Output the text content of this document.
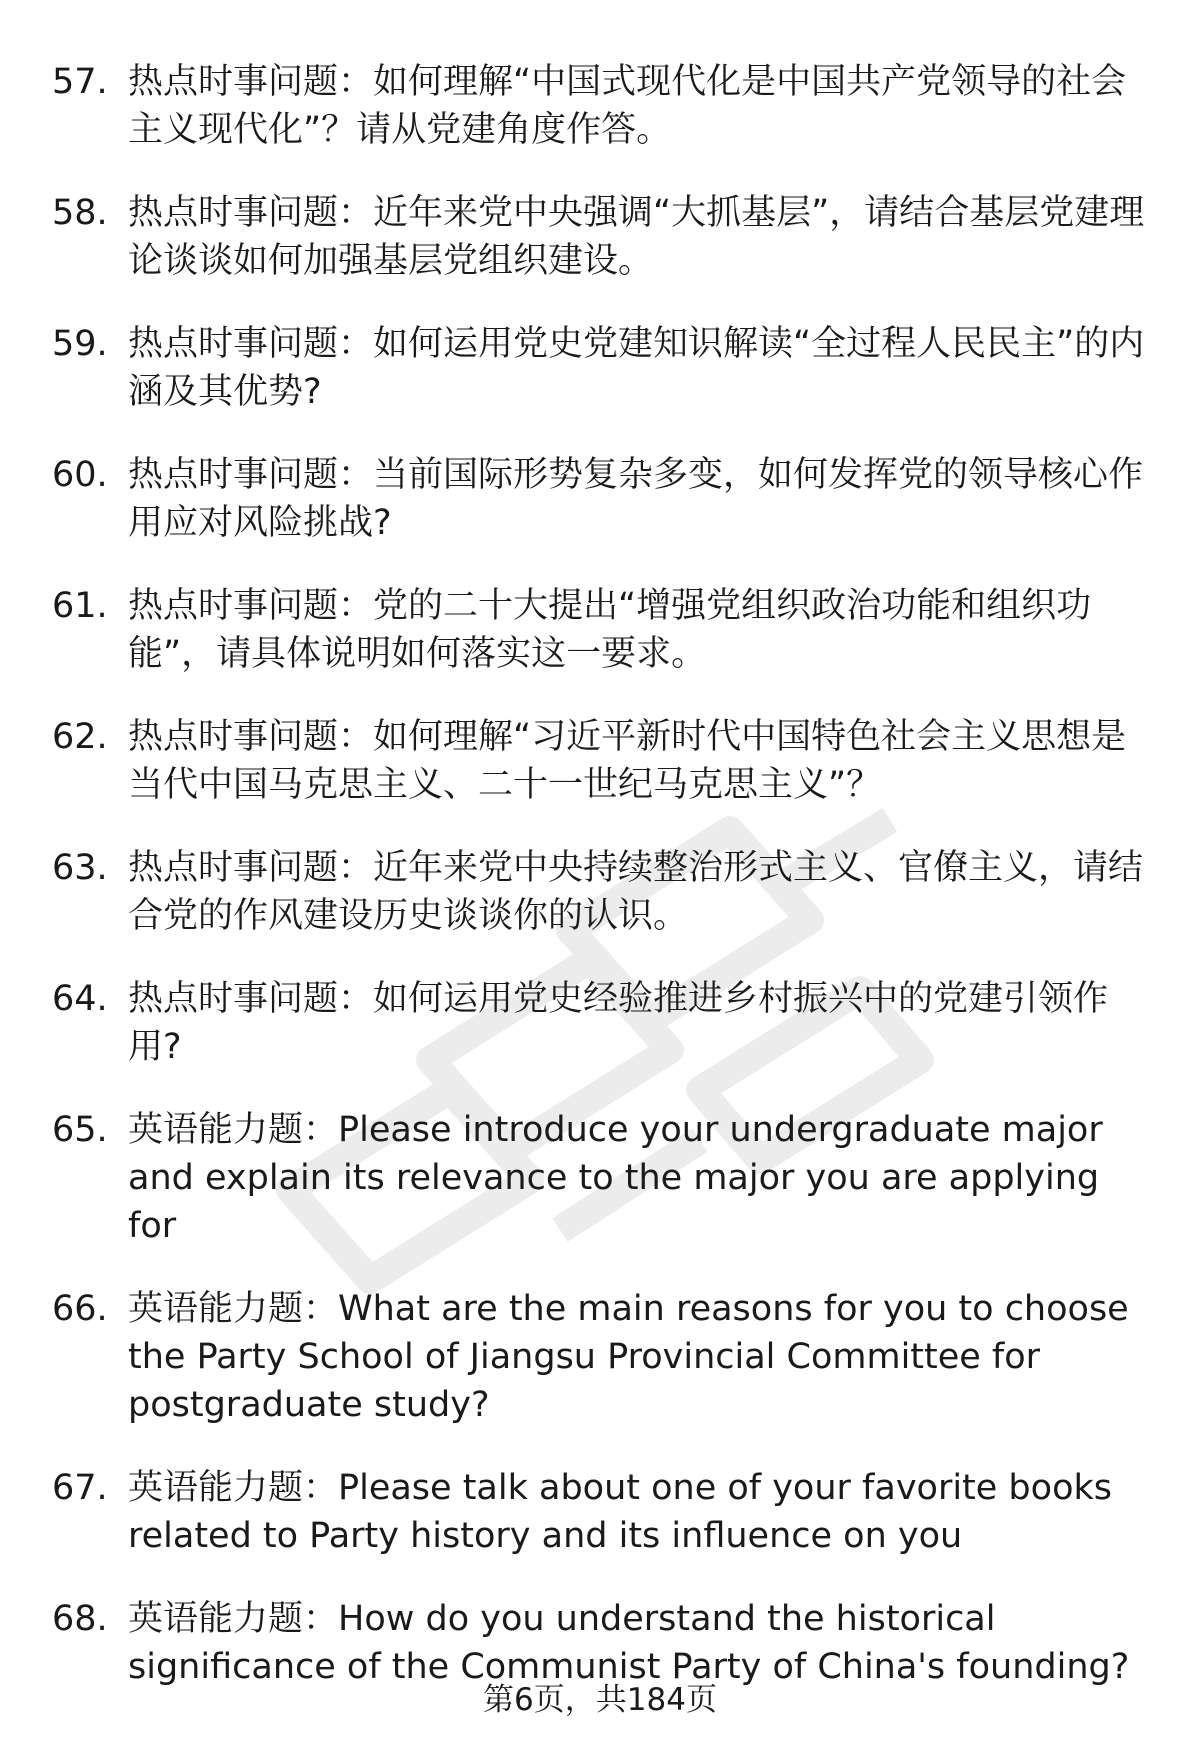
57. 热点时事问题：如何理解“中国式现代化是中国共产党领导的社会主义现代化”？请从党建角度作答。
58. 热点时事问题：近年来党中央强调“大抓基层”，请结合基层党建理论谈谈如何加强基层党组织建设。
59. 热点时事问题：如何运用党史党建知识解读“全过程人民民主”的内涵及其优势?
60. 热点时事问题：当前国际形势复杂多变，如何发挥党的领导核心作用应对风险挑战?
61. 热点时事问题：党的二十大提出“增强党组织政治功能和组织功能”，请具体说明如何落实这一要求。
62. 热点时事问题：如何理解“习近平新时代中国特色社会主义思想是当代中国马克思主义、二十一世纪马克思主义”？
63. 热点时事问题：近年来党中央持续整治形式主义、官僚主义，请结合党的作风建设历史谈谈你的认识。
64. 热点时事问题：如何运用党史经验推进乡村振兴中的党建引领作用?
65. 英语能力题：Please introduce your undergraduate major and explain its relevance to the major you are applying for
66. 英语能力题：What are the main reasons for you to choose the Party School of Jiangsu Provincial Committee for postgraduate study?
67. 英语能力题：Please talk about one of your favorite books related to Party history and its influence on you
68. 英语能力题：How do you understand the historical significance of the Communist Party of China's founding?
第6页，共184页
